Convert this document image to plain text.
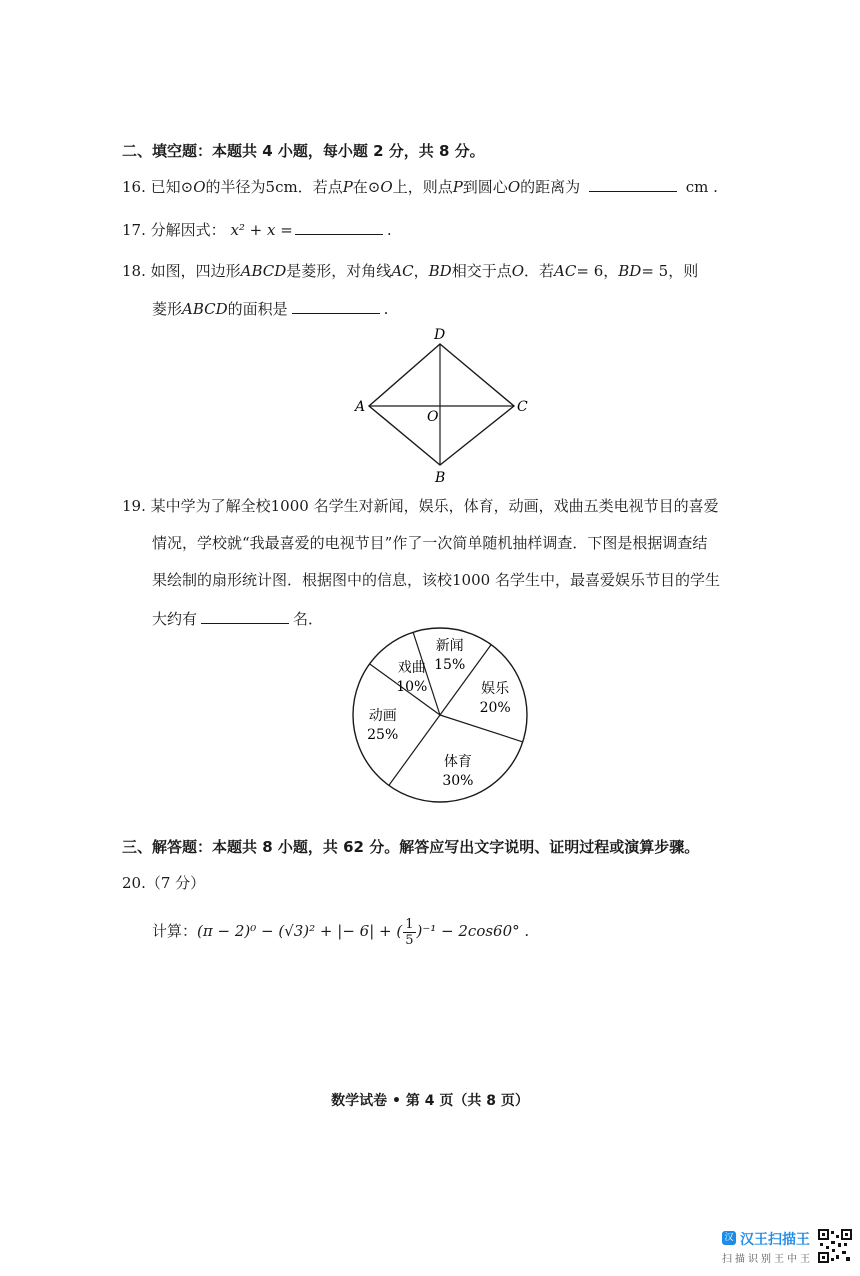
二、填空题：本题共 4 小题，每小题 2 分，共 8 分。
16. 已知⊙O的半径为5cm．若点P在⊙O上，则点P到圆心O的距离为	cm .
17. 分解因式： x² + x =	.
18. 如图，四边形ABCD是菱形，对角线AC，BD相交于点O．若AC= 6，BD= 5，则
菱形ABCD的面积是	.
D
A	C
B
O
19. 某中学为了解全校1000 名学生对新闻，娱乐，体育，动画，戏曲五类电视节目的喜爱
情况，学校就“我最喜爱的电视节目”作了一次简单随机抽样调查．下图是根据调查结
果绘制的扇形统计图．根据图中的信息，该校1000 名学生中，最喜爱娱乐节目的学生
大约有	名．
新闻
15%
娱乐
20%
体育
30%
动画
25%
戏曲
10%
三、解答题：本题共 8 小题，共 62 分。解答应写出文字说明、证明过程或演算步骤。
20.（7 分）
计算：(π − 2)⁰ − (√3)² + |− 6| + ( $\frac{1}{5} )^{-1} - 2\cos 60^\circ$ .
数学试卷 • 第 4 页（共 8 页）
汉 汉王扫描王
扫描识别王中王
